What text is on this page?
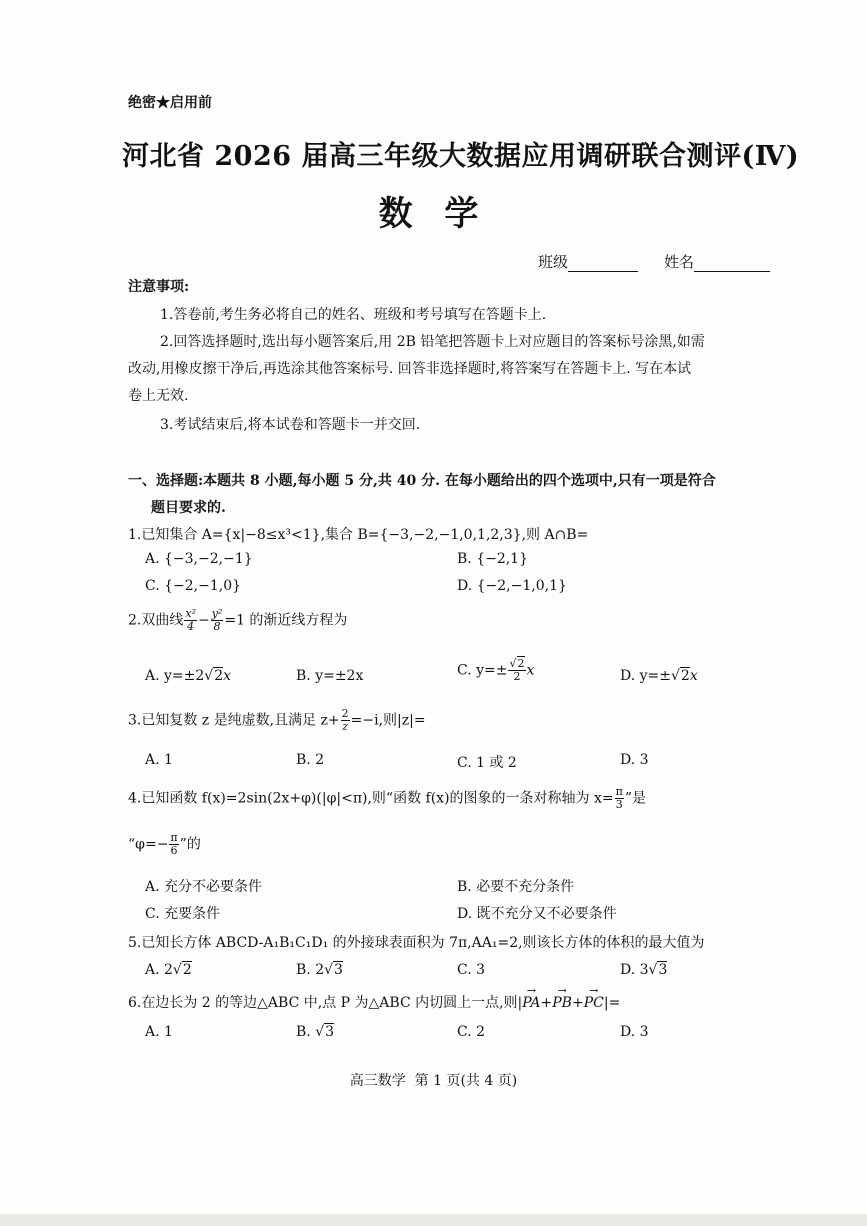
绝密★启用前
河北省 2026 届高三年级大数据应用调研联合测评(Ⅳ)
数 学
班级	姓名
注意事项:
1.答卷前,考生务必将自己的姓名、班级和考号填写在答题卡上.
2.回答选择题时,选出每小题答案后,用 2B 铅笔把答题卡上对应题目的答案标号涂黑,如需
改动,用橡皮擦干净后,再选涂其他答案标号. 回答非选择题时,将答案写在答题卡上. 写在本试
卷上无效.
3.考试结束后,将本试卷和答题卡一并交回.
一、选择题:本题共 8 小题,每小题 5 分,共 40 分. 在每小题给出的四个选项中,只有一项是符合
题目要求的.
1.已知集合 A={x|−8≤x³<1},集合 B={−3,−2,−1,0,1,2,3},则 A∩B=
A. {−3,−2,−1}	B. {−2,1}
C. {−2,−1,0}	D. {−2,−1,0,1}
2.双曲线 $\frac{\text{x²}}{4} - \frac{\text{y²}}{8} =1$ 的渐近线方程为
A. y=±2√2x	B. y=±2x	C. $y=\pm \frac{√2}{2}$ x	D. y=±√2x
3.已知复数 z 是纯虚数,且满足 $z+ \frac{2}{z} =-i$,则|z|=
A. 1	B. 2	C. 1 或 2	D. 3
4.已知函数 f(x)=2sin(2x+φ)(|φ|<π),则“函数 f(x)的图象的一条对称轴为 $x= \frac{\pi}{3}$ ”是
“$\varphi=- \frac{\pi}{6}$ ”的
A. 充分不必要条件	B. 必要不充分条件
C. 充要条件	D. 既不充分又不必要条件
5.已知长方体 ABCD-A₁B₁C₁D₁ 的外接球表面积为 7π,AA₁=2,则该长方体的体积的最大值为
A. 2√2	B. 2√3	C. 3	D. 3√3
6.在边长为 2 的等边△ABC 中,点 P 为△ABC 内切圆上一点,则|→ PA+→ PB+→ PC|=
A. 1	B. √3	C. 2	D. 3
高三数学  第 1 页(共 4 页)
